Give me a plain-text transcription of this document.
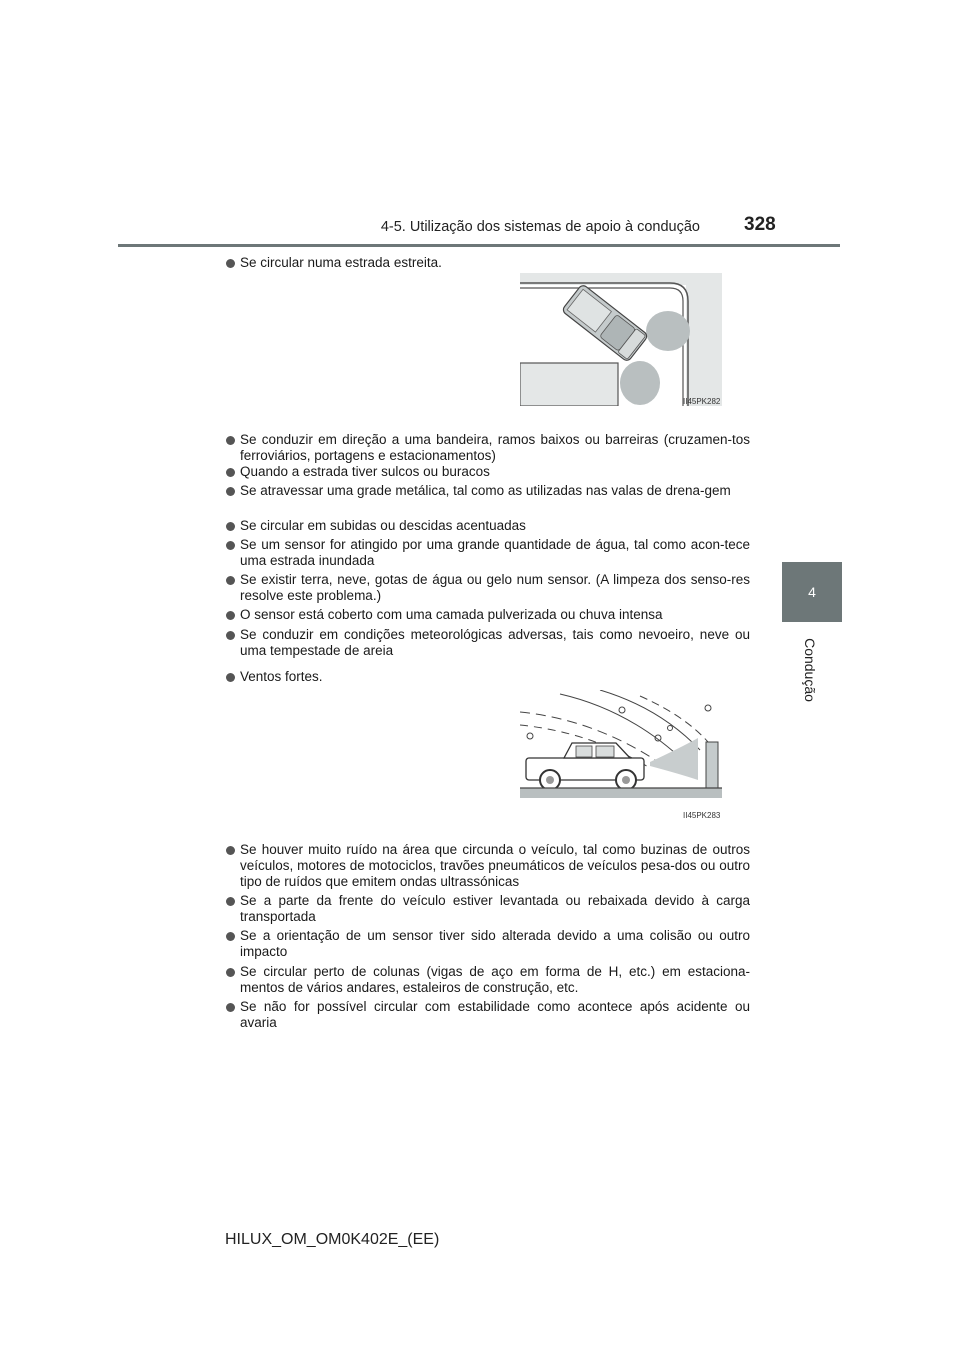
4-5. Utilização dos sistemas de apoio à condução 328
4
Condução
Se circular numa estrada estreita.
II45PK282
Se conduzir em direção a uma bandeira, ramos baixos ou barreiras (cruzamen-tos ferroviários, portagens e estacionamentos)
Quando a estrada tiver sulcos ou buracos
Se atravessar uma grade metálica, tal como as utilizadas nas valas de drena-gem
Se circular em subidas ou descidas acentuadas
Se um sensor for atingido por uma grande quantidade de água, tal como acon-tece uma estrada inundada
Se existir terra, neve, gotas de água ou gelo num sensor. (A limpeza dos senso-res resolve este problema.)
O sensor está coberto com uma camada pulverizada ou chuva intensa
Se conduzir em condições meteorológicas adversas, tais como nevoeiro, neve ou uma tempestade de areia
Ventos fortes.
II45PK283
Se houver muito ruído na área que circunda o veículo, tal como buzinas de outros veículos, motores de motociclos, travões pneumáticos de veículos pesa-dos ou outro tipo de ruídos que emitem ondas ultrassónicas
Se a parte da frente do veículo estiver levantada ou rebaixada devido à carga transportada
Se a orientação de um sensor tiver sido alterada devido a uma colisão ou outro impacto
Se circular perto de colunas (vigas de aço em forma de H, etc.) em estaciona-mentos de vários andares, estaleiros de construção, etc.
Se não for possível circular com estabilidade como acontece após acidente ou avaria
HILUX_OM_OM0K402E_(EE)
